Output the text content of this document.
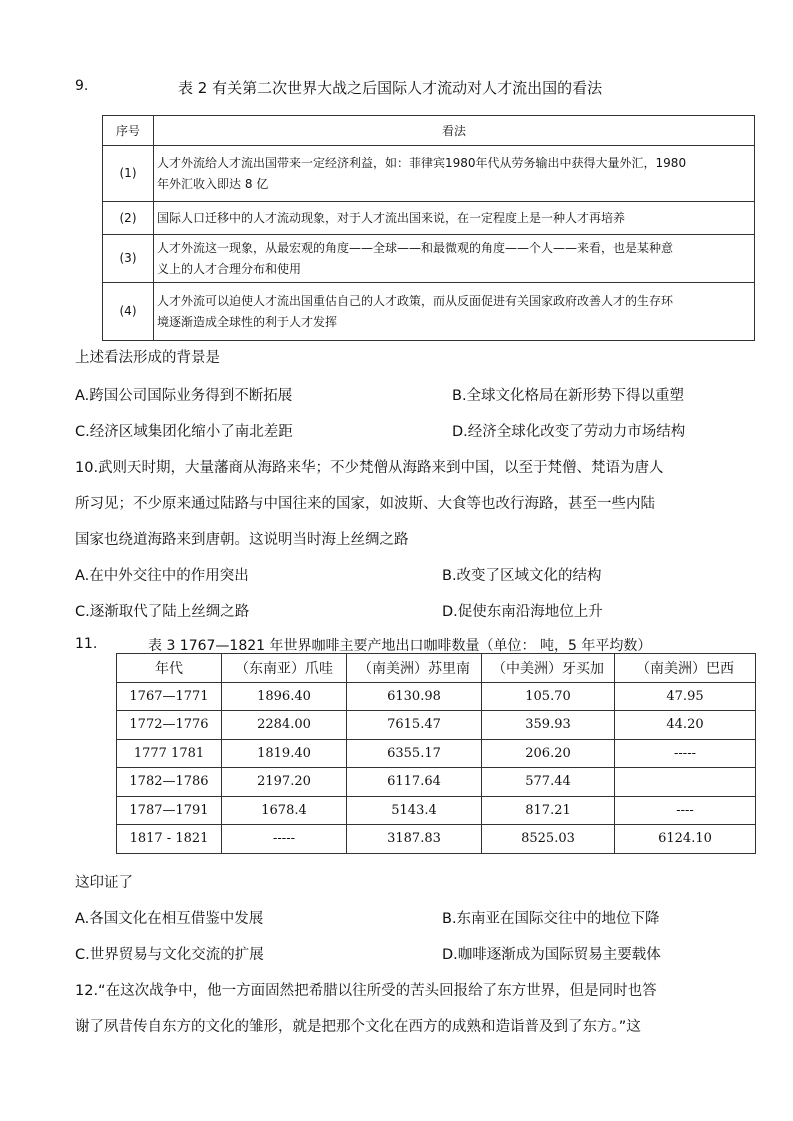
9.	表 2 有关第二次世界大战之后国际人才流动对人才流出国的看法
序号	看法
(1)	人才外流给人才流出国带来一定经济利益，如：菲律宾1980年代从劳务输出中获得大量外汇，1980
年外汇收入即达 8 亿

(2)	国际人口迁移中的人才流动现象，对于人才流出国来说，在一定程度上是一种人才再培养

(3)	人才外流这一现象，从最宏观的角度——全球——和最微观的角度——个人——来看，也是某种意
义上的人才合理分布和使用

(4)	人才外流可以迫使人才流出国重估自己的人才政策，而从反面促进有关国家政府改善人才的生存环
境逐渐造成全球性的利于人才发挥
上述看法形成的背景是
A.跨国公司国际业务得到不断拓展	B.全球文化格局在新形势下得以重塑
C.经济区域集团化缩小了南北差距	D.经济全球化改变了劳动力市场结构
10.武则天时期，大量藩商从海路来华；不少梵僧从海路来到中国，以至于梵僧、梵语为唐人
所习见；不少原来通过陆路与中国往来的国家，如波斯、大食等也改行海路，甚至一些内陆
国家也绕道海路来到唐朝。这说明当时海上丝绸之路
A.在中外交往中的作用突出	B.改变了区域文化的结构
C.逐渐取代了陆上丝绸之路	D.促使东南沿海地位上升
11.	表 3 1767—1821 年世界咖啡主要产地出口咖啡数量（单位： 吨，5 年平均数）
年代	（东南亚）爪哇	（南美洲）苏里南	（中美洲）牙买加	（南美洲）巴西
1767—1771	1896.40	6130.98	105.70	47.95
1772—1776	2284.00	7615.47	359.93	44.20
1777 1781	1819.40	6355.17	206.20	-----
1782—1786	2197.20	6117.64	577.44	
1787—1791	1678.4	5143.4	817.21	----
1817 - 1821	-----	3187.83	8525.03	6124.10
这印证了
A.各国文化在相互借鉴中发展	B.东南亚在国际交往中的地位下降
C.世界贸易与文化交流的扩展	D.咖啡逐渐成为国际贸易主要载体
12.“在这次战争中，他一方面固然把希腊以往所受的苦头回报给了东方世界，但是同时也答
谢了夙昔传自东方的文化的雏形，就是把那个文化在西方的成熟和造诣普及到了东方。”这
